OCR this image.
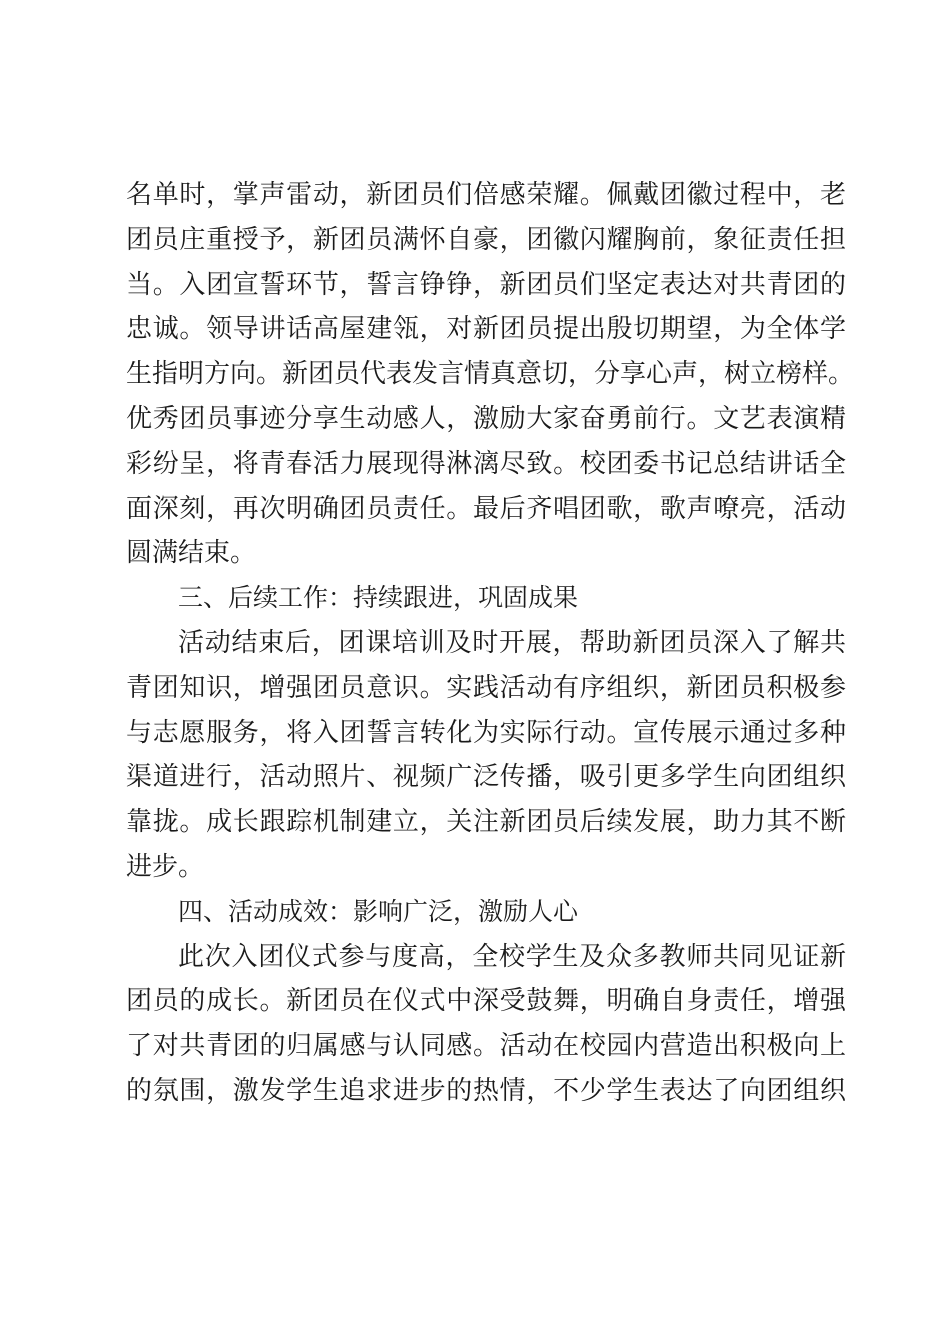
名单时，掌声雷动，新团员们倍感荣耀。佩戴团徽过程中，老
团员庄重授予，新团员满怀自豪，团徽闪耀胸前，象征责任担
当。入团宣誓环节，誓言铮铮，新团员们坚定表达对共青团的
忠诚。领导讲话高屋建瓴，对新团员提出殷切期望，为全体学
生指明方向。新团员代表发言情真意切，分享心声，树立榜样。
优秀团员事迹分享生动感人，激励大家奋勇前行。文艺表演精
彩纷呈，将青春活力展现得淋漓尽致。校团委书记总结讲话全
面深刻，再次明确团员责任。最后齐唱团歌，歌声嘹亮，活动
圆满结束。
三、后续工作：持续跟进，巩固成果
活动结束后，团课培训及时开展，帮助新团员深入了解共
青团知识，增强团员意识。实践活动有序组织，新团员积极参
与志愿服务，将入团誓言转化为实际行动。宣传展示通过多种
渠道进行，活动照片、视频广泛传播，吸引更多学生向团组织
靠拢。成长跟踪机制建立，关注新团员后续发展，助力其不断
进步。
四、活动成效：影响广泛，激励人心
此次入团仪式参与度高，全校学生及众多教师共同见证新
团员的成长。新团员在仪式中深受鼓舞，明确自身责任，增强
了对共青团的归属感与认同感。活动在校园内营造出积极向上
的氛围，激发学生追求进步的热情，不少学生表达了向团组织
